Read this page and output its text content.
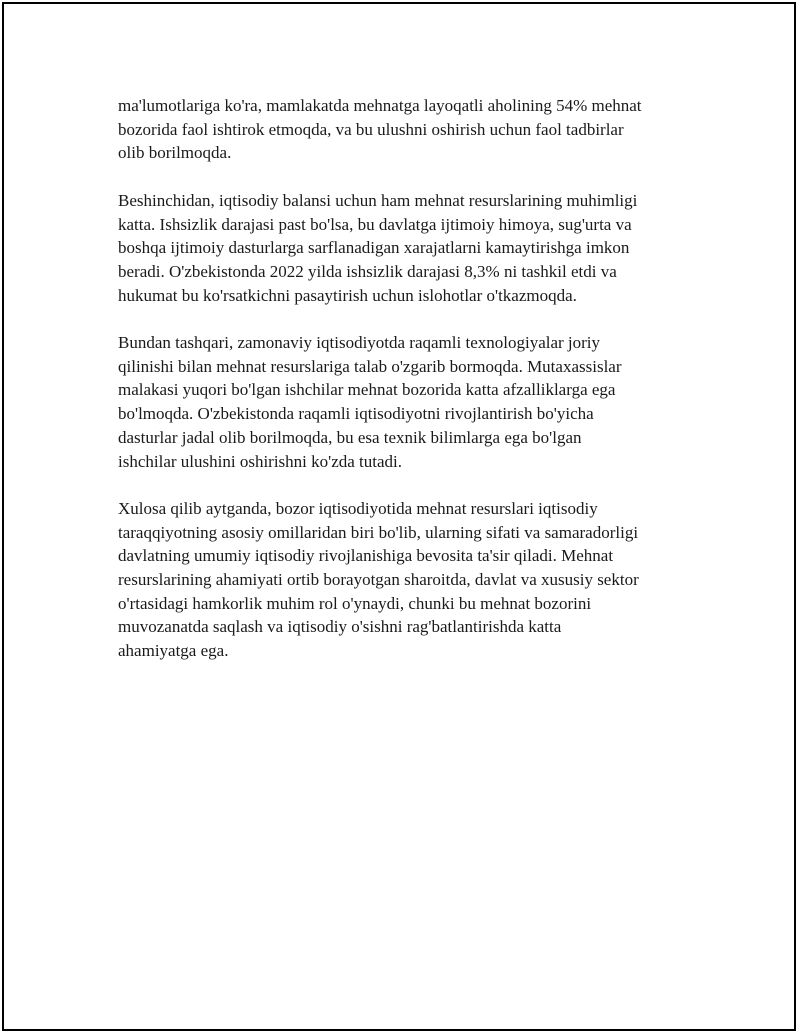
ma'lumotlariga ko'ra, mamlakatda mehnatga layoqatli aholining 54% mehnat
bozorida faol ishtirok etmoqda, va bu ulushni oshirish uchun faol tadbirlar
olib borilmoqda.

Beshinchidan, iqtisodiy balansi uchun ham mehnat resurslarining muhimligi
katta. Ishsizlik darajasi past bo'lsa, bu davlatga ijtimoiy himoya, sug'urta va
boshqa ijtimoiy dasturlarga sarflanadigan xarajatlarni kamaytirishga imkon
beradi. O'zbekistonda 2022 yilda ishsizlik darajasi 8,3% ni tashkil etdi va
hukumat bu ko'rsatkichni pasaytirish uchun islohotlar o'tkazmoqda.

Bundan tashqari, zamonaviy iqtisodiyotda raqamli texnologiyalar joriy
qilinishi bilan mehnat resurslariga talab o'zgarib bormoqda. Mutaxassislar
malakasi yuqori bo'lgan ishchilar mehnat bozorida katta afzalliklarga ega
bo'lmoqda. O'zbekistonda raqamli iqtisodiyotni rivojlantirish bo'yicha
dasturlar jadal olib borilmoqda, bu esa texnik bilimlarga ega bo'lgan
ishchilar ulushini oshirishni ko'zda tutadi.

Xulosa qilib aytganda, bozor iqtisodiyotida mehnat resurslari iqtisodiy
taraqqiyotning asosiy omillaridan biri bo'lib, ularning sifati va samaradorligi
davlatning umumiy iqtisodiy rivojlanishiga bevosita ta'sir qiladi. Mehnat
resurslarining ahamiyati ortib borayotgan sharoitda, davlat va xususiy sektor
o'rtasidagi hamkorlik muhim rol o'ynaydi, chunki bu mehnat bozorini
muvozanatda saqlash va iqtisodiy o'sishni rag'batlantirishda katta
ahamiyatga ega.
